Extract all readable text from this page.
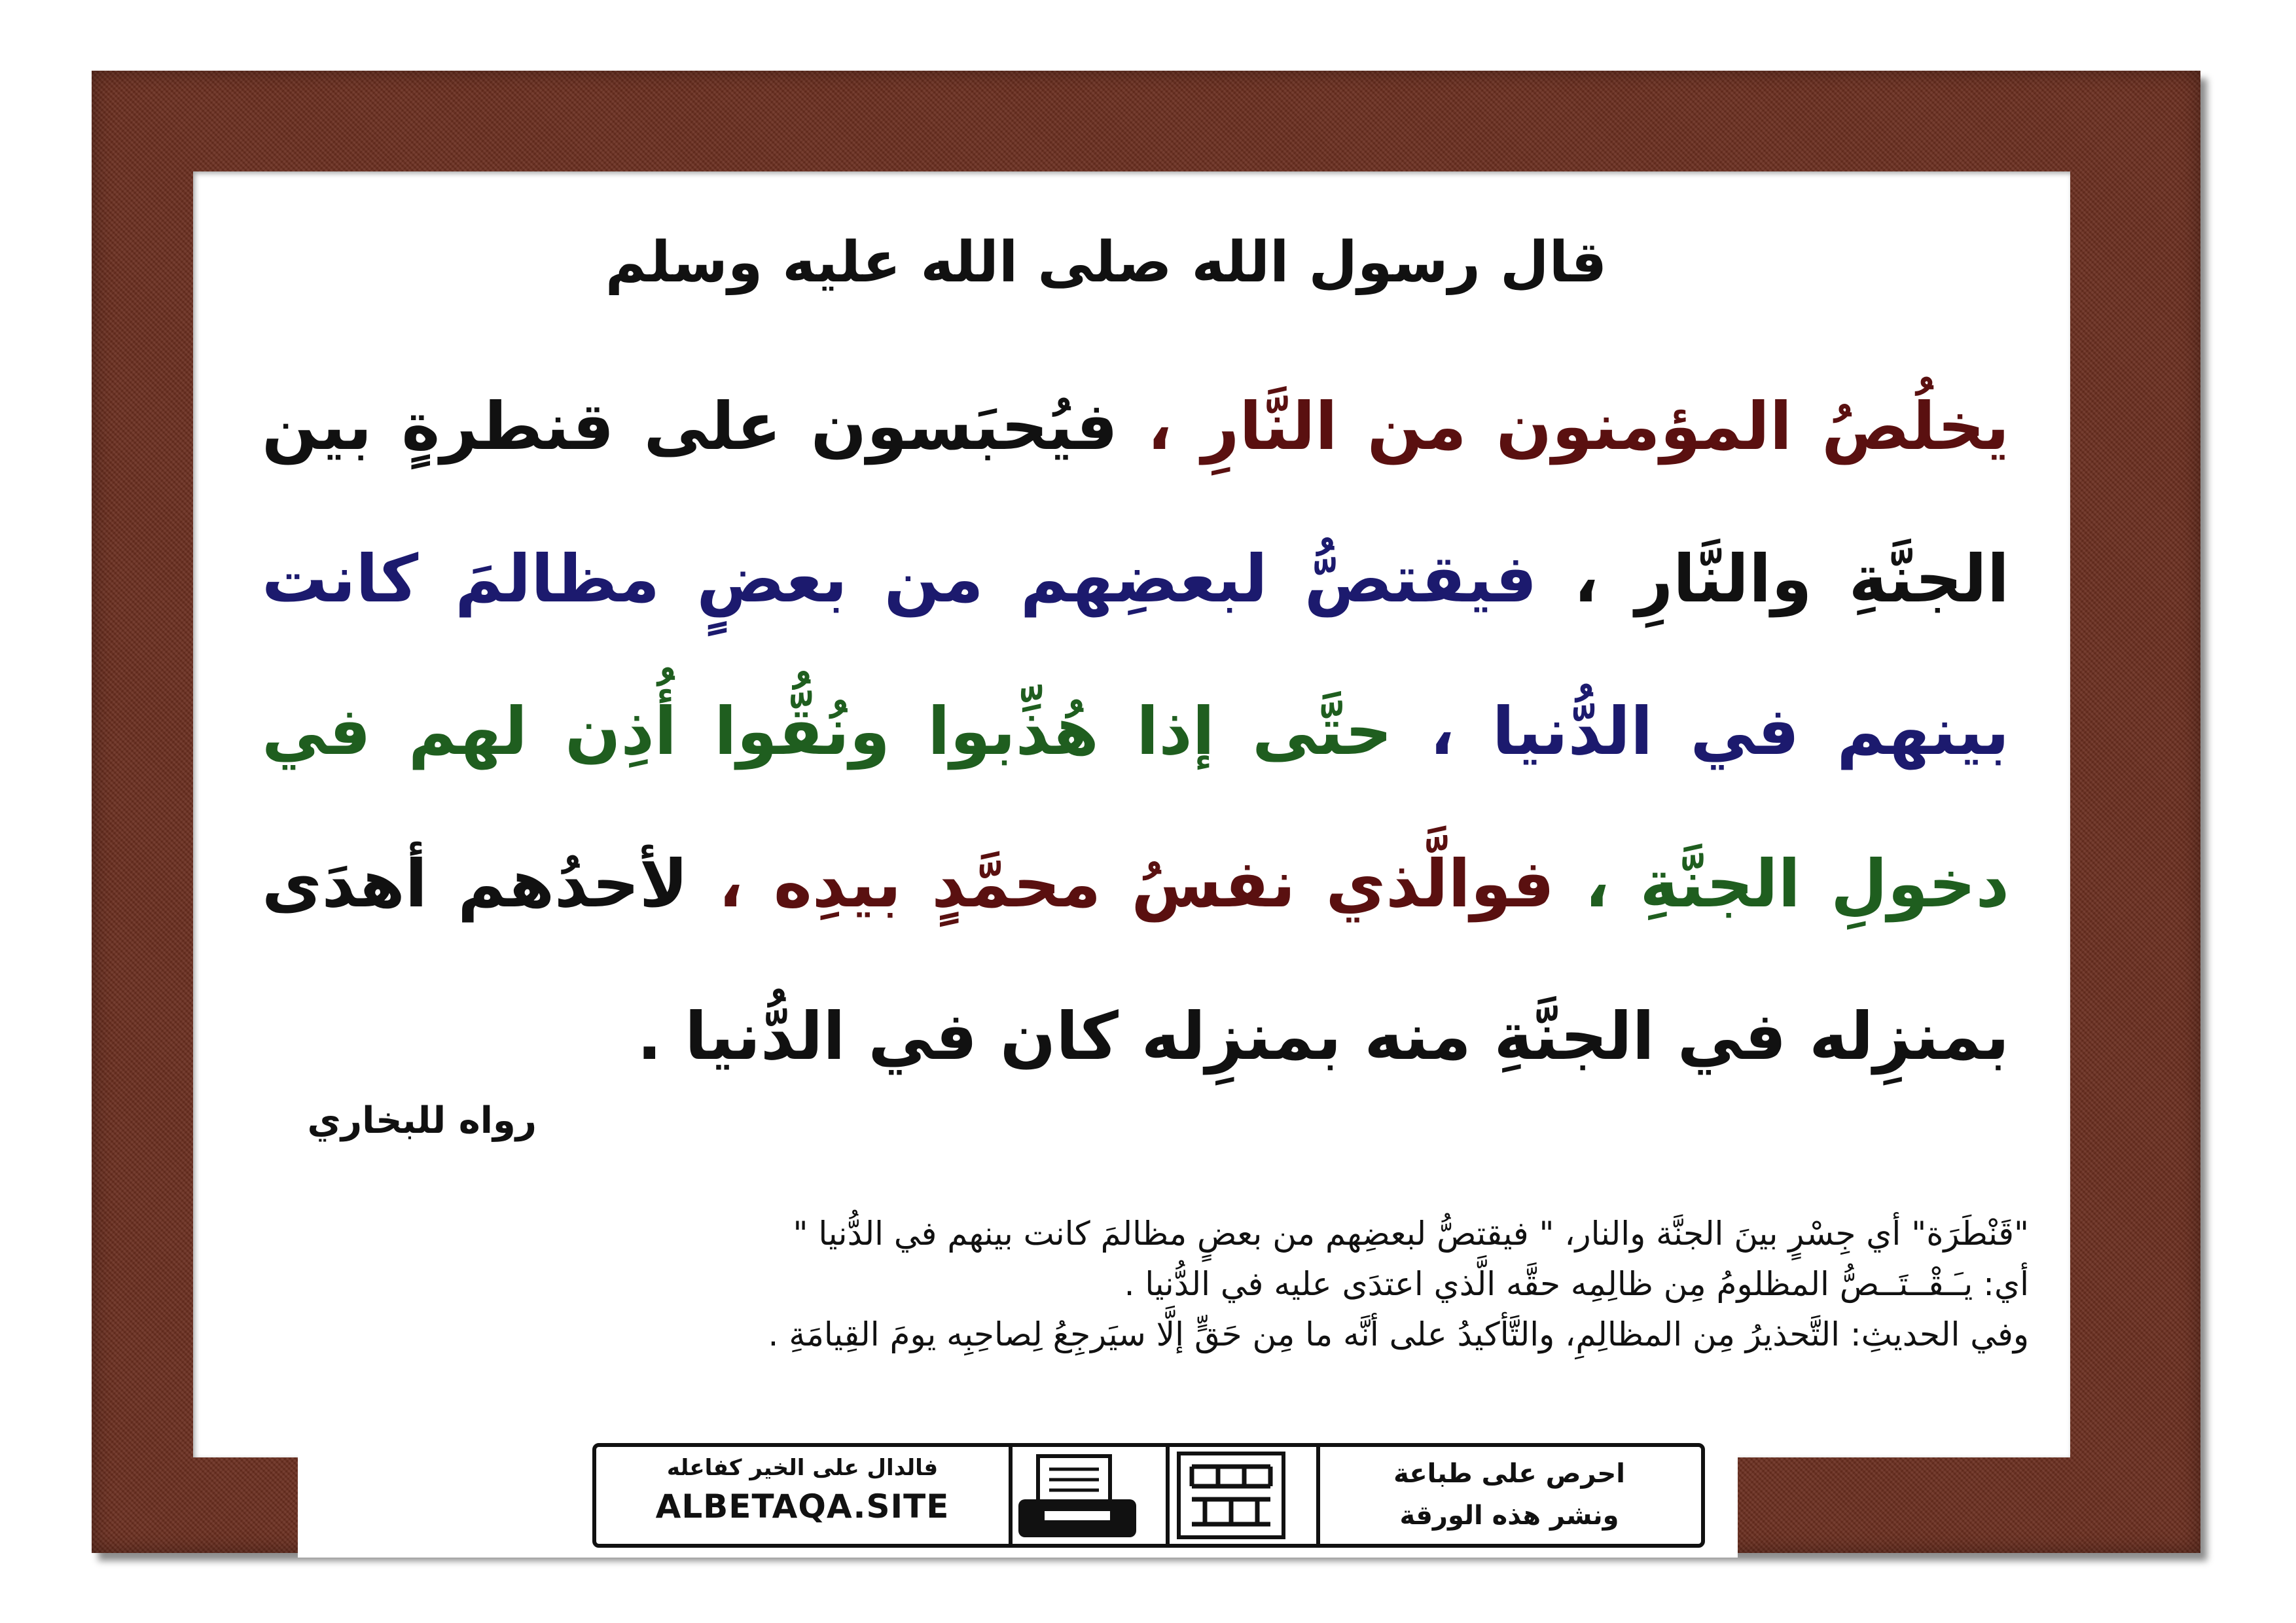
قال رسول الله صلى الله عليه وسلم
يخلُصُ المؤمنون من النَّارِ ، فيُحبَسون على قنطرةٍ بين الجنَّةِ والنَّارِ ، فيقتصُّ لبعضِهم من بعضٍ مظالمَ كانت بينهم في الدُّنيا ، حتَّى إذا هُذِّبوا ونُقُّوا أُذِن لهم في دخولِ الجنَّةِ ، فوالَّذي نفسُ محمَّدٍ بيدِه ، لأحدُهم أهدَى بمنزِله في الجنَّةِ منه بمنزِله كان في الدُّنيا .
رواه للبخاري
"قَنْطَرَة" أي جِسْرٍ بينَ الجنَّة والنار، " فيقتصُّ لبعضِهم من بعضٍ مظالمَ كانت بينهم في الدُّنيا "
أي: يـَـقْــتَــصُّ المظلومُ مِن ظالِمِه حقَّه الَّذي اعتدَى عليه في الدُّنيا .
وفي الحديثِ: التَّحذيرُ مِن المظالِمِ، والتَّأكيدُ على أنَّه ما مِن حَقٍّ إلَّا سيَرجِعُ لِصاحِبِه يومَ القِيامَةِ .
فالدال على الخير كفاعله
ALBETAQA.SITE
احرص على طباعة
ونشر هذه الورقة
